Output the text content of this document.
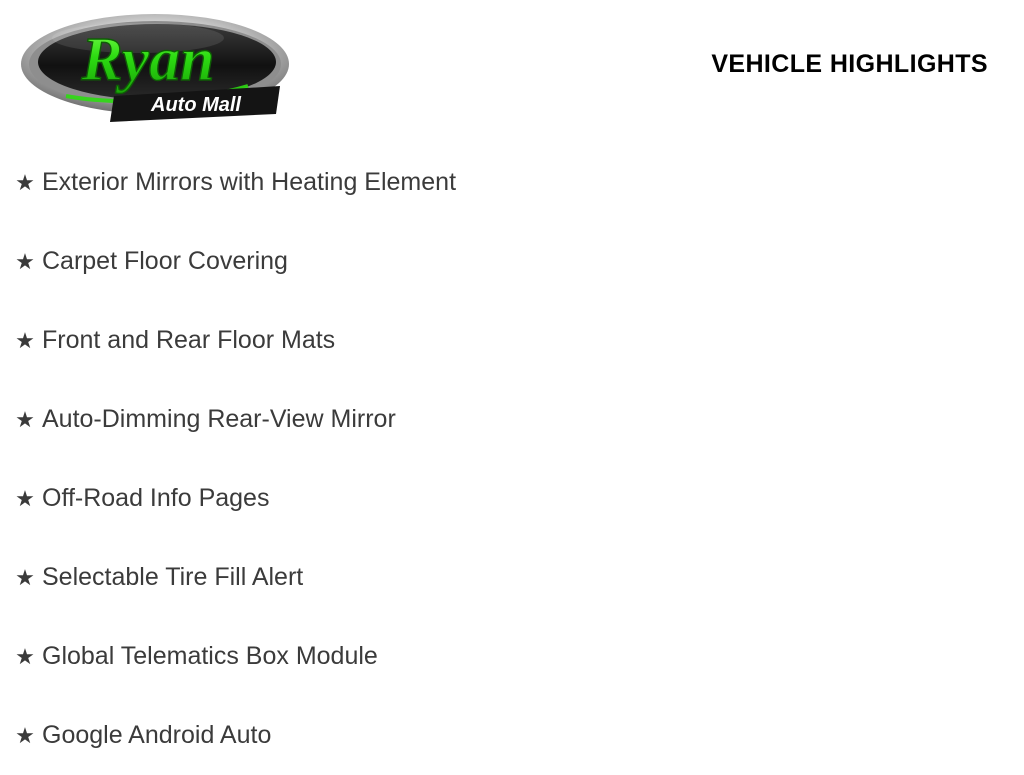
Ryan
Auto Mall
VEHICLE HIGHLIGHTS
★ Exterior Mirrors with Heating Element
★ Carpet Floor Covering
★ Front and Rear Floor Mats
★ Auto-Dimming Rear-View Mirror
★ Off-Road Info Pages
★ Selectable Tire Fill Alert
★ Global Telematics Box Module
★ Google Android Auto
